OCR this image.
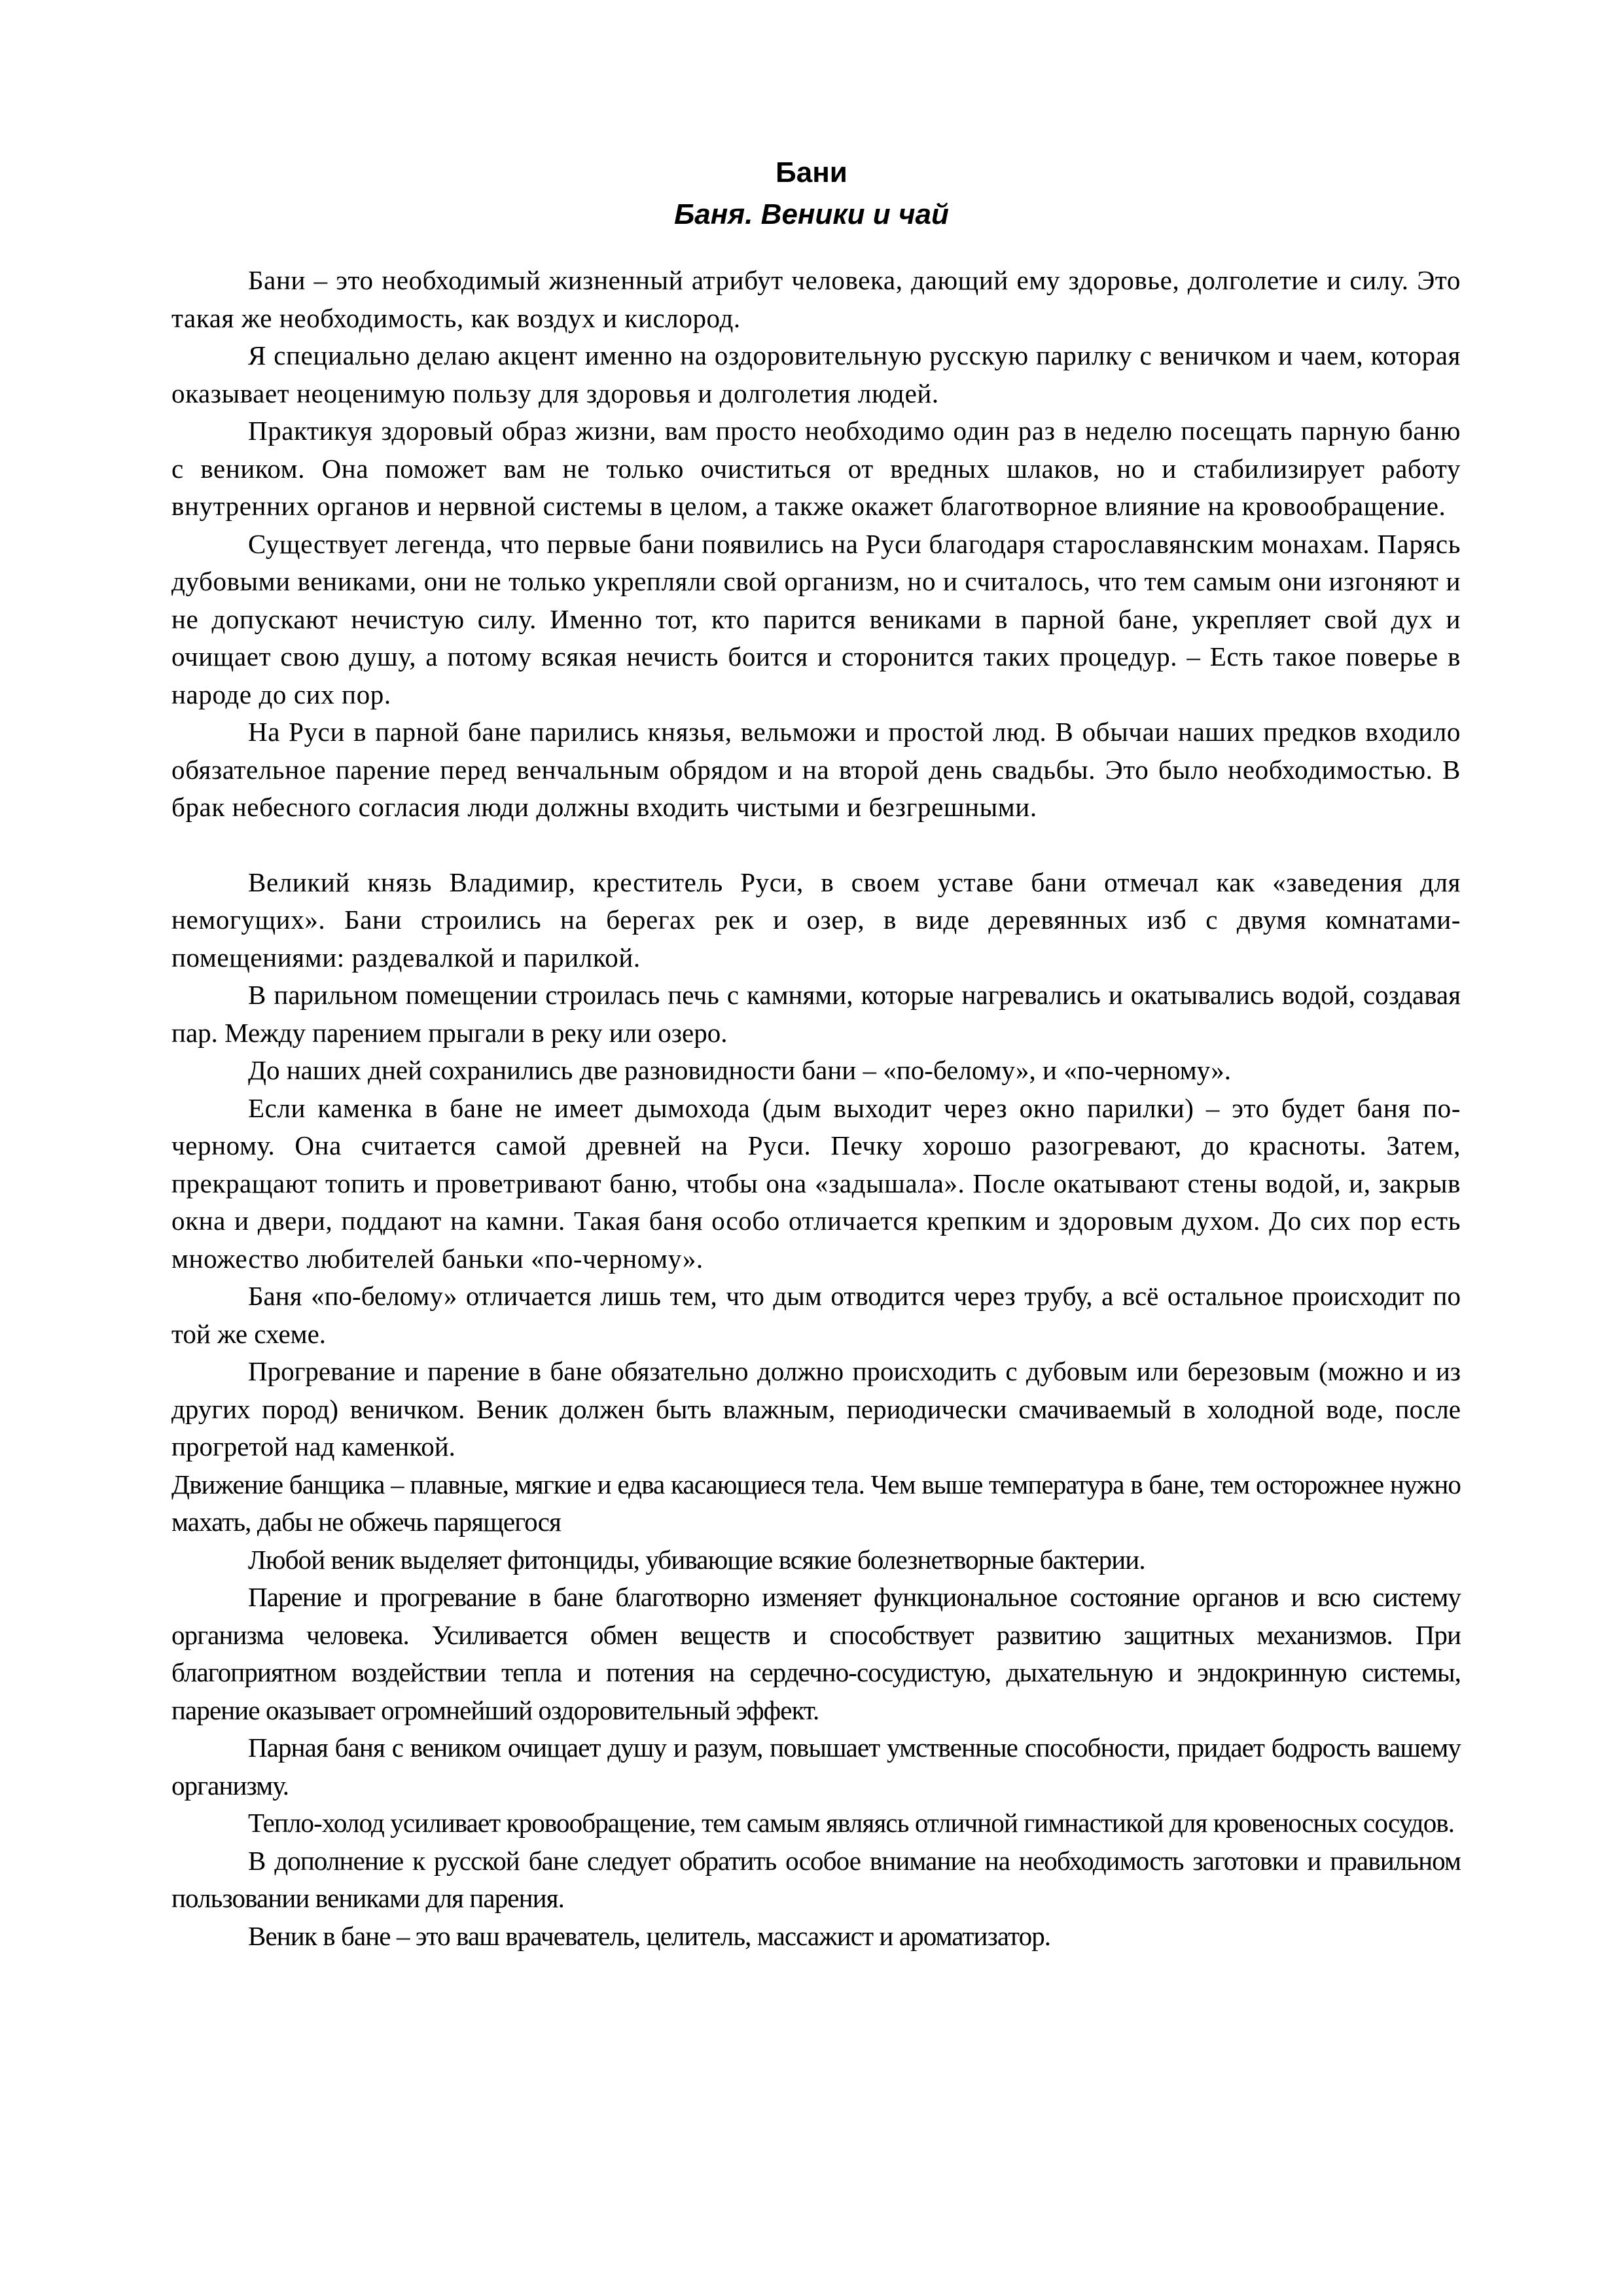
Бани
Баня. Веники и чай

Бани – это необходимый жизненный атрибут человека, дающий ему здоровье, долголетие и силу. Это такая же необходимость, как воздух и кислород.

Я специально делаю акцент именно на оздоровительную русскую парилку с веничком и чаем, которая оказывает неоценимую пользу для здоровья и долголетия людей.

Практикуя здоровый образ жизни, вам просто необходимо один раз в неделю посещать парную баню с веником. Она поможет вам не только очиститься от вредных шлаков, но и стабилизирует работу внутренних органов и нервной системы в целом, а также окажет благотворное влияние на кровообращение.

Существует легенда, что первые бани появились на Руси благодаря старославянским монахам. Парясь дубовыми вениками, они не только укрепляли свой организм, но и считалось, что тем самым они изгоняют и не допускают нечистую силу. Именно тот, кто парится вениками в парной бане, укрепляет свой дух и очищает свою душу, а потому всякая нечисть боится и сторонится таких процедур. – Есть такое поверье в народе до сих пор.

На Руси в парной бане парились князья, вельможи и простой люд. В обычаи наших предков входило обязательное парение перед венчальным обрядом и на второй день свадьбы. Это было необходимостью. В брак небесного согласия люди должны входить чистыми и безгрешными.

Великий князь Владимир, креститель Руси, в своем уставе бани отмечал как «заведения для немогущих». Бани строились на берегах рек и озер, в виде деревянных изб с двумя комнатами-помещениями: раздевалкой и парилкой.

В парильном помещении строилась печь с камнями, которые нагревались и окатывались водой, создавая пар. Между парением прыгали в реку или озеро.

До наших дней сохранились две разновидности бани – «по-белому», и «по-черному».

Если каменка в бане не имеет дымохода (дым выходит через окно парилки) – это будет баня по-черному. Она считается самой древней на Руси. Печку хорошо разогревают, до красноты. Затем, прекращают топить и проветривают баню, чтобы она «задышала». После окатывают стены водой, и, закрыв окна и двери, поддают на камни. Такая баня особо отличается крепким и здоровым духом. До сих пор есть множество любителей баньки «по-черному».

Баня «по-белому» отличается лишь тем, что дым отводится через трубу, а всё остальное происходит по той же схеме.

Прогревание и парение в бане обязательно должно происходить с дубовым или березовым (можно и из других пород) веничком. Веник должен быть влажным, периодически смачиваемый в холодной воде, после прогретой над каменкой.

Движение банщика – плавные, мягкие и едва касающиеся тела. Чем выше температура в бане, тем осторожнее нужно махать, дабы не обжечь парящегося

Любой веник выделяет фитонциды, убивающие всякие болезнетворные бактерии.

Парение и прогревание в бане благотворно изменяет функциональное состояние органов и всю систему организма человека. Усиливается обмен веществ и способствует развитию защитных механизмов. При благоприятном воздействии тепла и потения на сердечно-сосудистую, дыхательную и эндокринную системы, парение оказывает огромнейший оздоровительный эффект.

Парная баня с веником очищает душу и разум, повышает умственные способности, придает бодрость вашему организму.

Тепло-холод усиливает кровообращение, тем самым являясь отличной гимнастикой для кровеносных сосудов.

В дополнение к русской бане следует обратить особое внимание на необходимость заготовки и правильном пользовании вениками для парения.

Веник в бане – это ваш врачеватель, целитель, массажист и ароматизатор.
